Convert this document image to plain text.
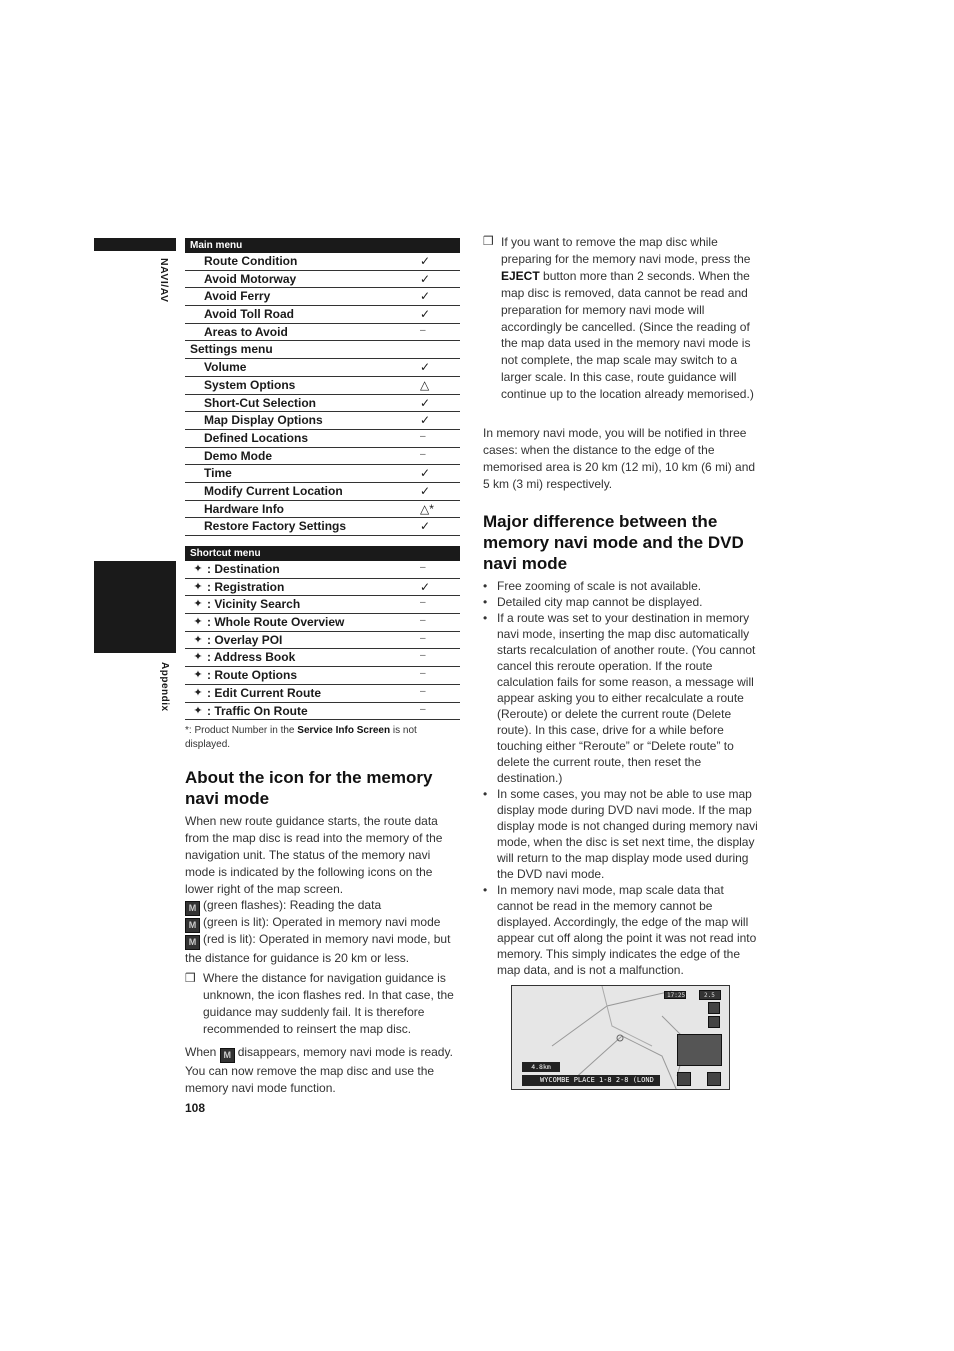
NAVI/AV
Appendix
Main menu
Route Condition	✓
Avoid Motorway	✓
Avoid Ferry	✓
Avoid Toll Road	✓
Areas to Avoid	–
Settings menu
Volume	✓
System Options	△
Short-Cut Selection	✓
Map Display Options	✓
Defined Locations	–
Demo Mode	–
Time	✓
Modify Current Location	✓
Hardware Info	△*
Restore Factory Settings	✓
Shortcut menu
✦ : Destination	–
✦ : Registration	✓
✦ : Vicinity Search	–
✦ : Whole Route Overview	–
✦ : Overlay POI	–
✦ : Address Book	–
✦ : Route Options	–
✦ : Edit Current Route	–
✦ : Traffic On Route	–
*: Product Number in the Service Info Screen is not displayed.
About the icon for the memory navi mode

When new route guidance starts, the route data from the map disc is read into the memory of the navigation unit. The status of the memory navi mode is indicated by the following icons on the lower right of the map screen.

M (green flashes): Reading the data

M (green is lit): Operated in memory navi mode

M (red is lit): Operated in memory navi mode, but the distance for guidance is 20 km or less.

❒ Where the distance for navigation guidance is unknown, the icon flashes red. In that case, the guidance may suddenly fail. It is therefore recommended to reinsert the map disc.

When M disappears, memory navi mode is ready. You can now remove the map disc and use the memory navi mode function.

108
❒ If you want to remove the map disc while preparing for the memory navi mode, press the EJECT button more than 2 seconds. When the map disc is removed, data cannot be read and preparation for memory navi mode will accordingly be cancelled. (Since the reading of the map data used in the memory navi mode is not complete, the map scale may switch to a larger scale. In this case, route guidance will continue up to the location already memorised.)

In memory navi mode, you will be notified in three cases: when the distance to the edge of the memorised area is 20 km (12 mi), 10 km (6 mi) and 5 km (3 mi) respectively.

Major difference between the memory navi mode and the DVD navi mode
• Free zooming of scale is not available.
• Detailed city map cannot be displayed.
• If a route was set to your destination in memory navi mode, inserting the map disc automatically starts recalculation of another route. (You cannot cancel this reroute operation. If the route calculation fails for some reason, a message will appear asking you to either recalculate a route (Reroute) or delete the current route (Delete route). In this case, drive for a while before touching either “Reroute” or “Delete route” to delete the current route, then reset the destination.)
• In some cases, you may not be able to use map display mode during DVD navi mode. If the map display mode is not changed during memory navi mode, when the disc is set next time, the display will return to the map display mode used during the DVD navi mode.
• In memory navi mode, map scale data that cannot be read in the memory cannot be displayed. Accordingly, the edge of the map will appear cut off along the point it was not read into memory. This simply indicates the edge of the map data, and is not a malfunction.
17:25	2.5
4.8km
WYCOMBE PLACE 1-8 2-8 (LOND
